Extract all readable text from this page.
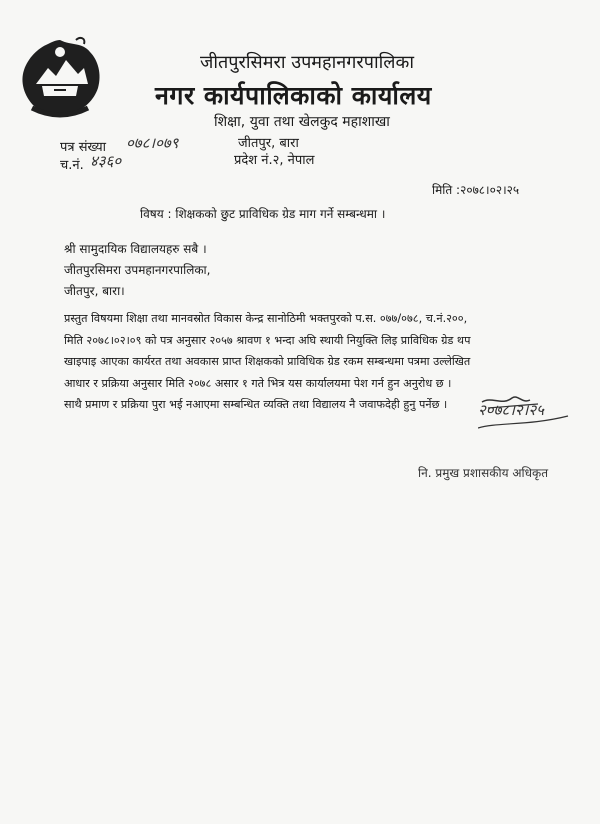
जीतपुरसिमरा उपमहानगरपालिका
नगर कार्यपालिकाको कार्यालय
शिक्षा, युवा तथा खेलकुद महाशाखा
जीतपुर, बारा
प्रदेश नं.२, नेपाल
पत्र संख्या ०७८।०७९
च.नं. ४३६०
मिति :२०७८।०२।२५
विषय : शिक्षकको छुट प्राविधिक ग्रेड माग गर्ने सम्बन्धमा ।
श्री सामुदायिक विद्यालयहरु सबै ।
जीतपुरसिमरा उपमहानगरपालिका,
जीतपुर, बारा।
प्रस्तुत विषयमा शिक्षा तथा मानवस्रोत विकास केन्द्र सानोठिमी भक्तपुरको प.स. ०७७/०७८, च.नं.२००,
मिति २०७८।०२।०९ को पत्र अनुसार २०५७ श्रावण १ भन्दा अघि स्थायी नियुक्ति लिइ प्राविधिक ग्रेड थप
खाइपाइ आएका कार्यरत तथा अवकास प्राप्त शिक्षकको प्राविधिक ग्रेड रकम सम्बन्धमा पत्रमा उल्लेखित
आधार र प्रक्रिया अनुसार मिति २०७८ असार १ गते भित्र यस कार्यालयमा पेश गर्न हुन अनुरोध छ ।
साथै प्रमाण र प्रक्रिया पुरा भई नआएमा सम्बन्धित व्यक्ति तथा विद्यालय नै जवाफदेही हुनु पर्नेछ ।	२०७८।२।२५
नि. प्रमुख प्रशासकीय अधिकृत
